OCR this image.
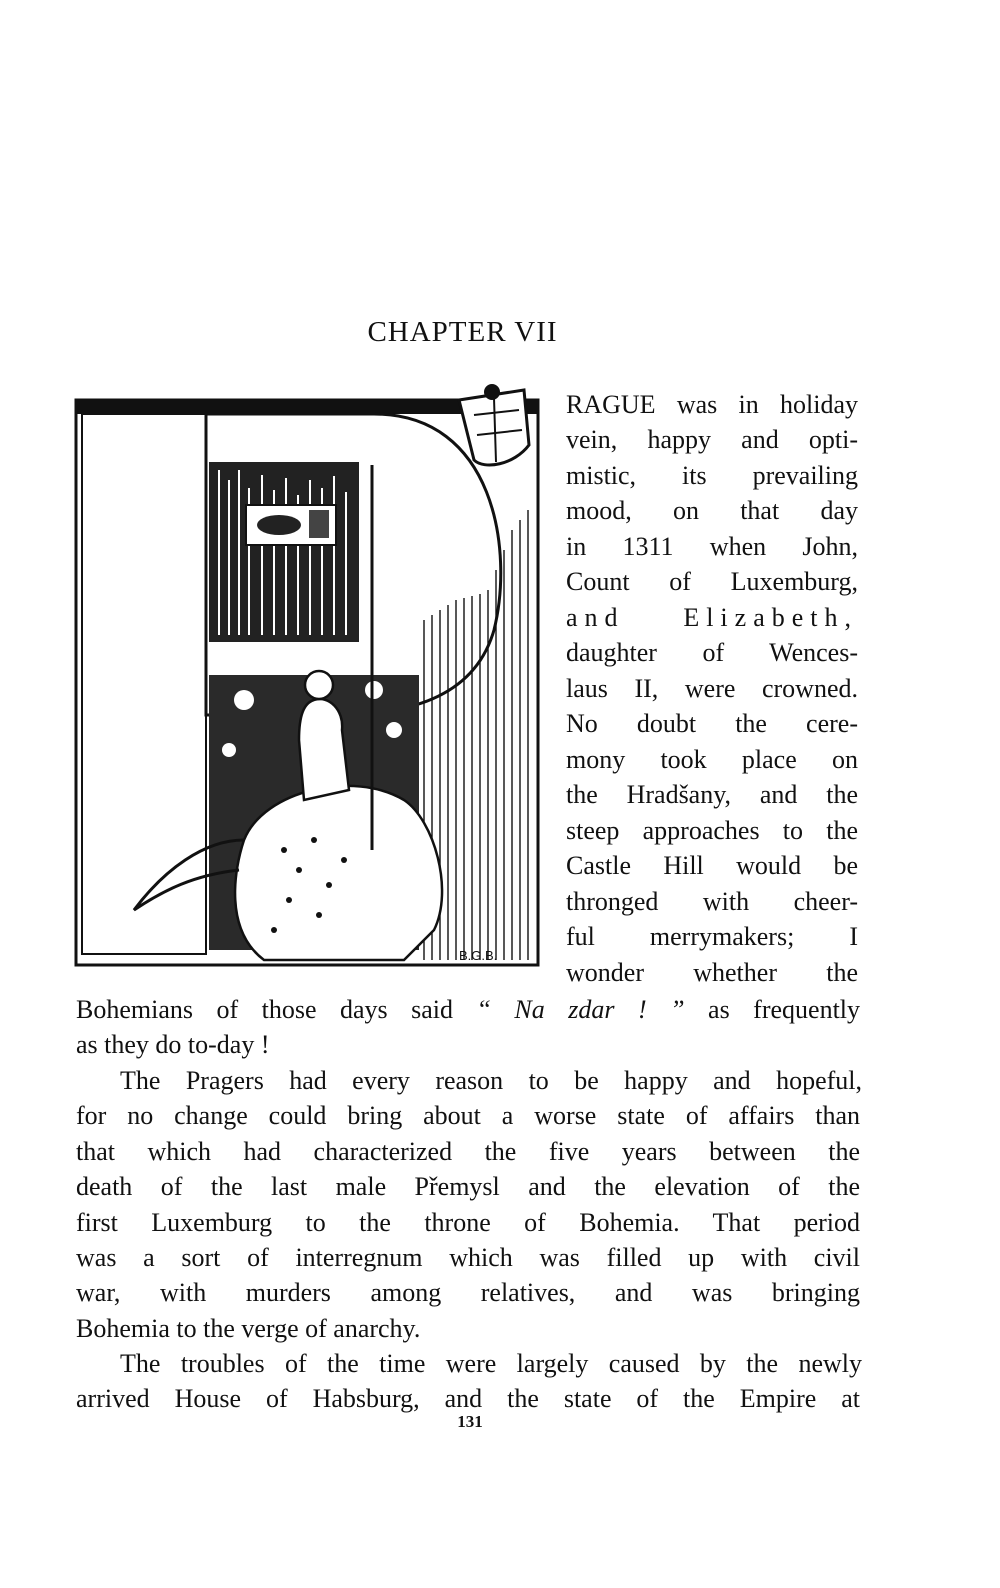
CHAPTER VII
B.G.B.
RAGUE was in holiday
vein, happy and opti-
mistic, its prevailing
mood, on that day
in 1311 when John,
Count of Luxemburg,
and Elizabeth,
daughter of Wences-
laus II, were crowned.
No doubt the cere-
mony took place on
the Hradšany, and the
steep approaches to the
Castle Hill would be
thronged with cheer-
ful merrymakers; I
wonder whether the
Bohemians of those days said “ Na zdar ! ” as frequently
as they do to-day !
The Pragers had every reason to be happy and hopeful,
for no change could bring about a worse state of affairs than
that which had characterized the five years between the
death of the last male Přemysl and the elevation of the
first Luxemburg to the throne of Bohemia. That period
was a sort of interregnum which was filled up with civil
war, with murders among relatives, and was bringing
Bohemia to the verge of anarchy.
The troubles of the time were largely caused by the newly
arrived House of Habsburg, and the state of the Empire at
131
